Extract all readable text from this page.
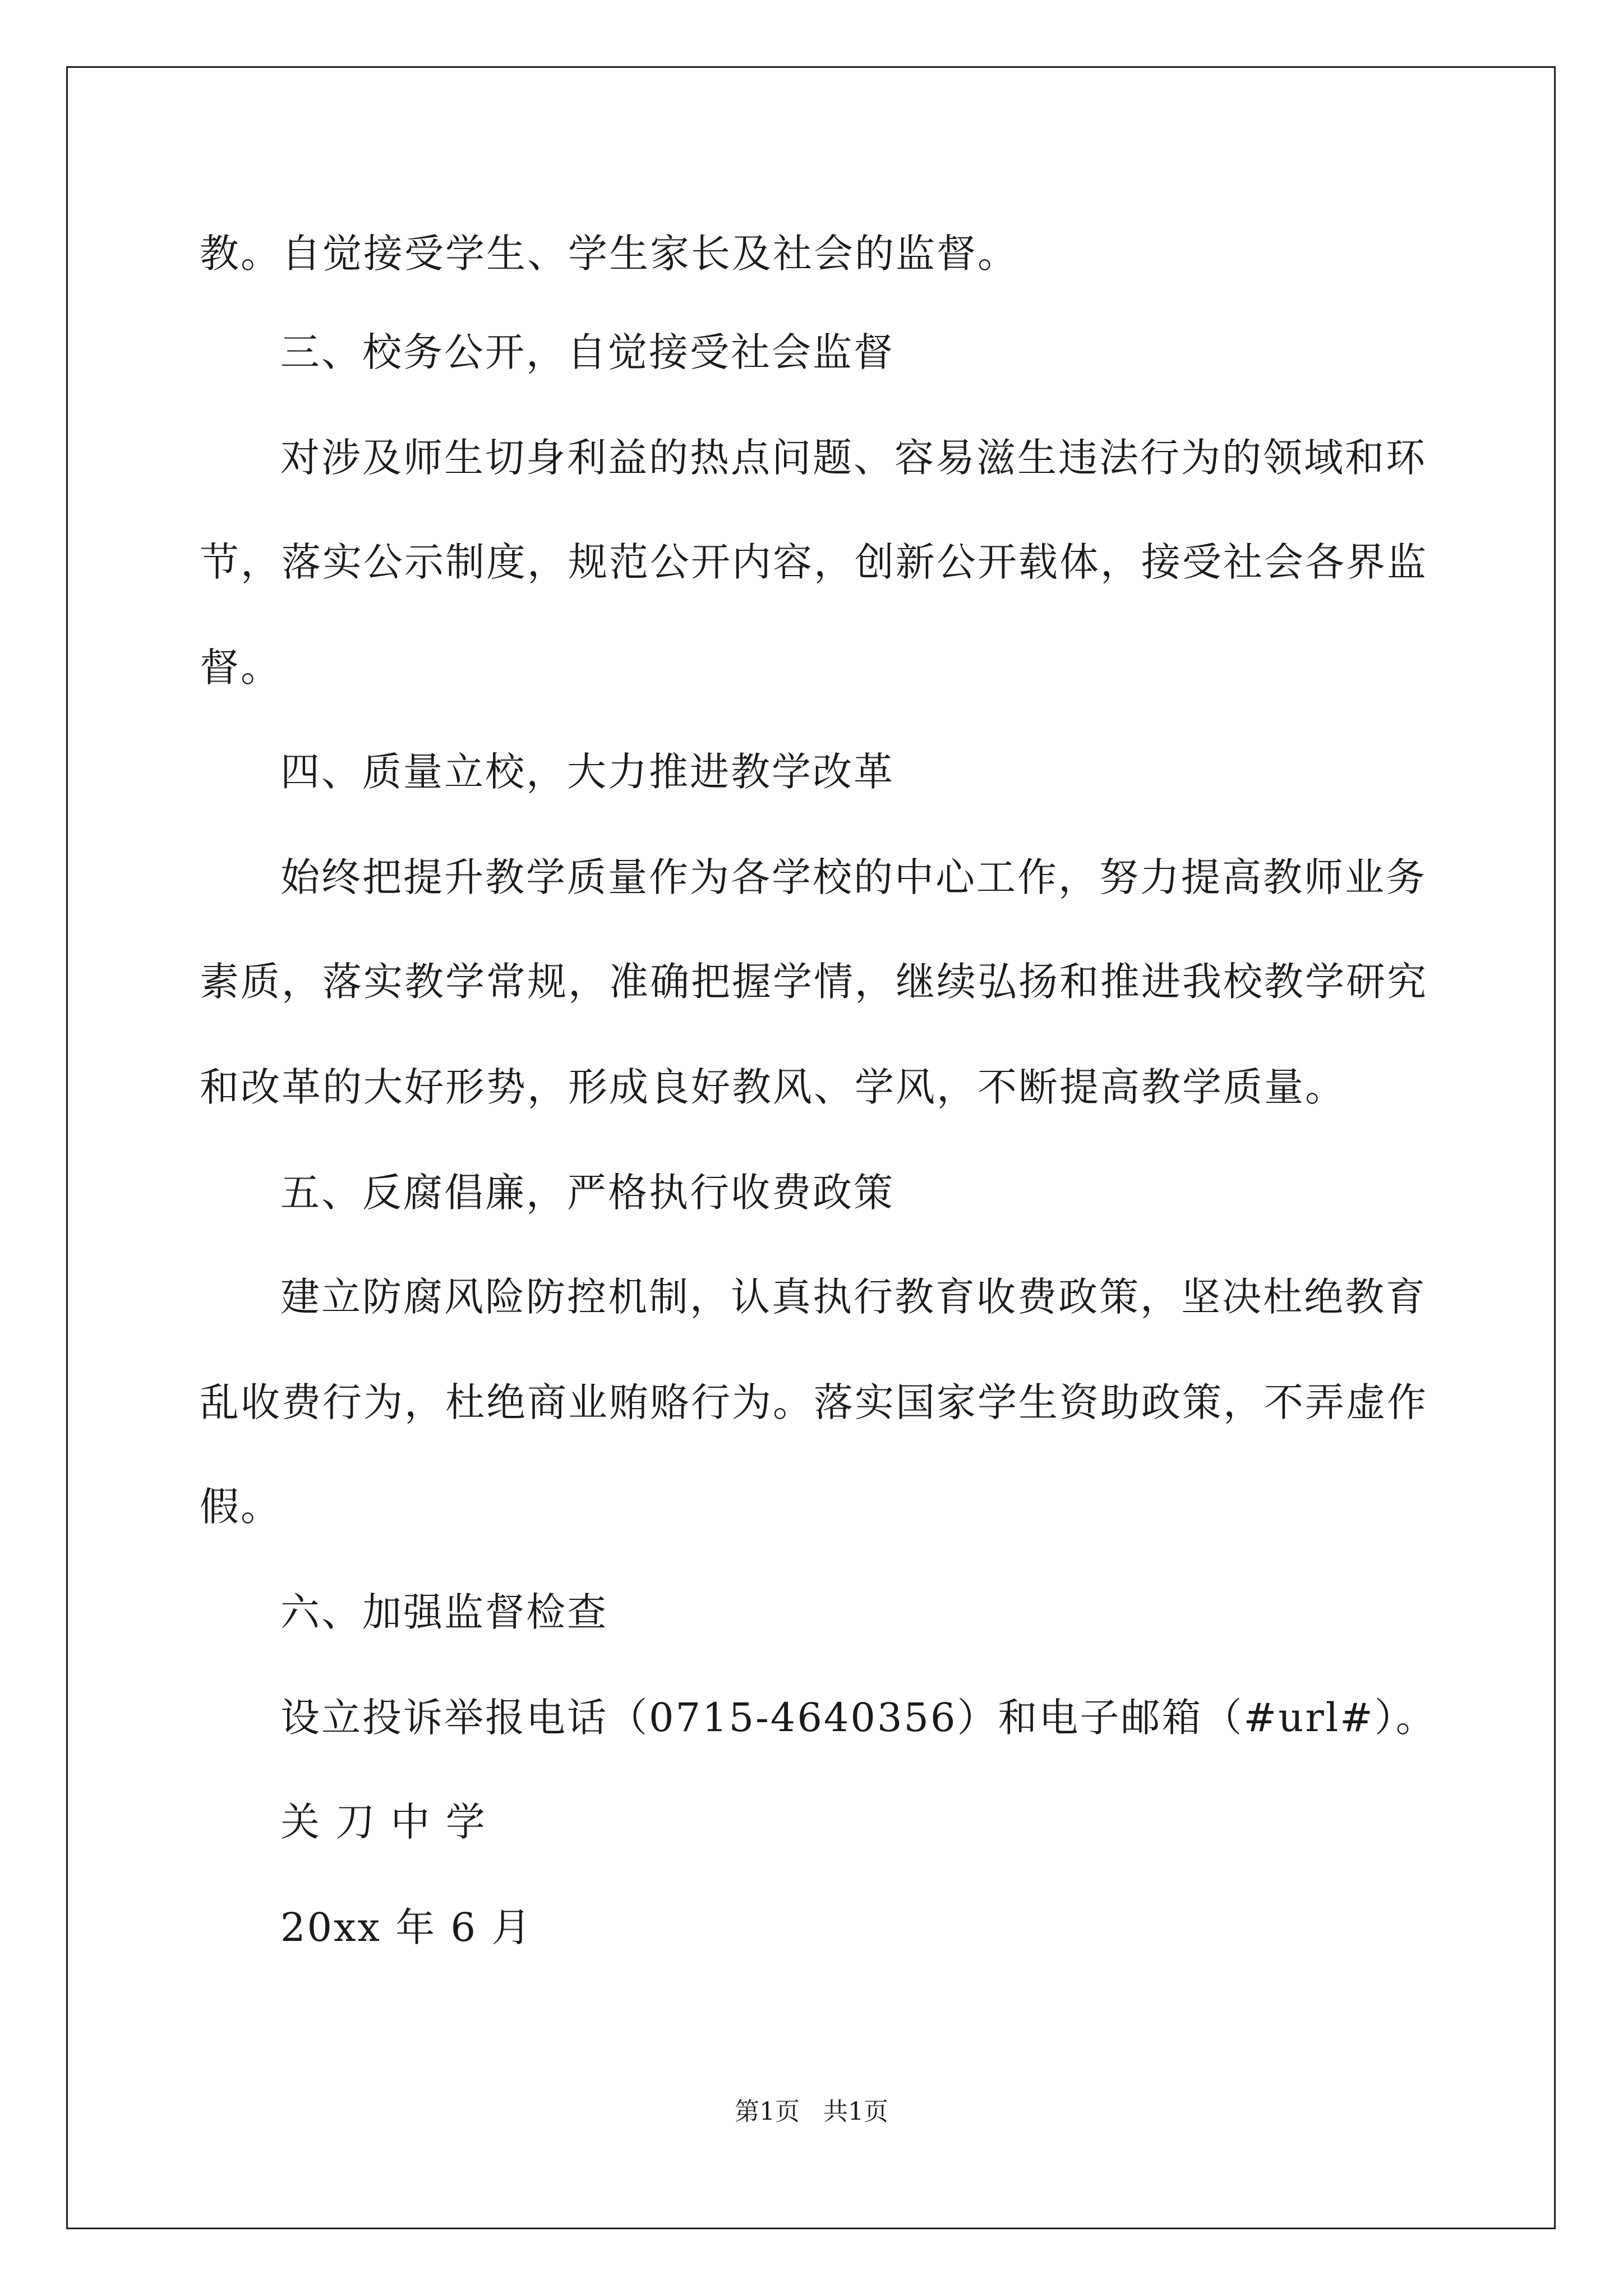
教。自觉接受学生、学生家长及社会的监督。
三、校务公开，自觉接受社会监督
对涉及师生切身利益的热点问题、容易滋生违法行为的领域和环
节，落实公示制度，规范公开内容，创新公开载体，接受社会各界监
督。
四、质量立校，大力推进教学改革
始终把提升教学质量作为各学校的中心工作，努力提高教师业务
素质，落实教学常规，准确把握学情，继续弘扬和推进我校教学研究
和改革的大好形势，形成良好教风、学风，不断提高教学质量。
五、反腐倡廉，严格执行收费政策
建立防腐风险防控机制，认真执行教育收费政策，坚决杜绝教育
乱收费行为，杜绝商业贿赂行为。落实国家学生资助政策，不弄虚作
假。
六、加强监督检查
设立投诉举报电话（0715-4640356）和电子邮箱（#url#）。
关 刀 中 学
20xx 年 6 月
第1页   共1页
